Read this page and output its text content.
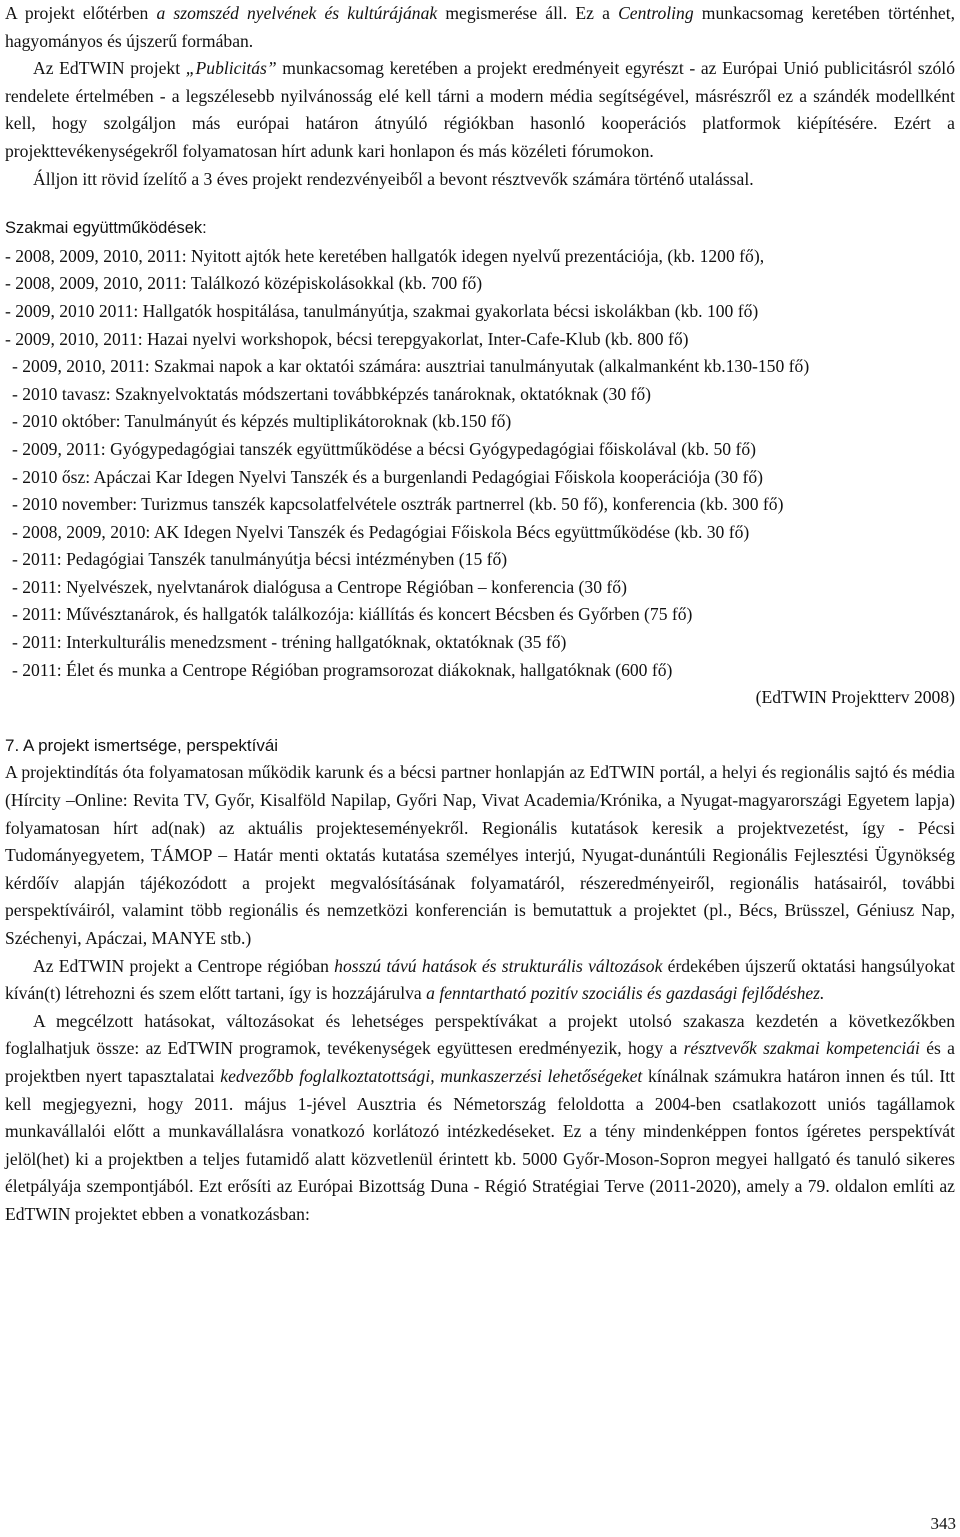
A projekt előtérben a szomszéd nyelvének és kultúrájának megismerése áll. Ez a Centroling munkacsomag keretében történhet, hagyományos és újszerű formában.

Az EdTWIN projekt „Publicitás” munkacsomag keretében a projekt eredményeit egyrészt - az Európai Unió publicitásról szóló rendelete értelmében - a legszélesebb nyilvánosság elé kell tárni a modern média segítségével, másrészről ez a szándék modellként kell, hogy szolgáljon más európai határon átnyúló régiókban hasonló kooperációs platformok kiépítésére. Ezért a projekttevékenységekről folyamatosan hírt adunk kari honlapon és más közéleti fórumokon.

Álljon itt rövid ízelítő a 3 éves projekt rendezvényeiből a bevont résztvevők számára történő utalással.

Szakmai együttműködések:

- 2008, 2009, 2010, 2011: Nyitott ajtók hete keretében hallgatók idegen nyelvű prezentációja, (kb. 1200 fő),

- 2008, 2009, 2010, 2011: Találkozó középiskolásokkal (kb. 700 fő)

- 2009, 2010 2011: Hallgatók hospitálása, tanulmányútja, szakmai gyakorlata bécsi iskolákban (kb. 100 fő)

- 2009, 2010, 2011: Hazai nyelvi workshopok, bécsi terepgyakorlat, Inter-Cafe-Klub (kb. 800 fő)

- 2009, 2010, 2011: Szakmai napok a kar oktatói számára: ausztriai tanulmányutak (alkalmanként kb.130-150 fő)

- 2010 tavasz: Szaknyelvoktatás módszertani továbbképzés tanároknak, oktatóknak (30 fő)

- 2010 október: Tanulmányút és képzés multiplikátoroknak (kb.150 fő)

- 2009, 2011: Gyógypedagógiai tanszék együttműködése a bécsi Gyógypedagógiai főiskolával (kb. 50 fő)

- 2010 ősz: Apáczai Kar Idegen Nyelvi Tanszék és a burgenlandi Pedagógiai Főiskola kooperációja (30 fő)

- 2010 november: Turizmus tanszék kapcsolatfelvétele osztrák partnerrel (kb. 50 fő), konferencia (kb. 300 fő)

- 2008, 2009, 2010: AK Idegen Nyelvi Tanszék és Pedagógiai Főiskola Bécs együttműködése (kb. 30 fő)

- 2011: Pedagógiai Tanszék tanulmányútja bécsi intézményben (15 fő)

- 2011: Nyelvészek, nyelvtanárok dialógusa a Centrope Régióban – konferencia (30 fő)

- 2011: Művésztanárok, és hallgatók találkozója: kiállítás és koncert Bécsben és Győrben (75 fő)

- 2011: Interkulturális menedzsment - tréning hallgatóknak, oktatóknak (35 fő)

- 2011: Élet és munka a Centrope Régióban programsorozat diákoknak, hallgatóknak (600 fő)

(EdTWIN Projektterv 2008)

7. A projekt ismertsége, perspektívái

A projektindítás óta folyamatosan működik karunk és a bécsi partner honlapján az EdTWIN portál, a helyi és regionális sajtó és média (Hírcity –Online: Revita TV, Győr, Kisalföld Napilap, Győri Nap, Vivat Academia/Krónika, a Nyugat-magyarországi Egyetem lapja) folyamatosan hírt ad(nak) az aktuális projekteseményekről. Regionális kutatások keresik a projektvezetést, így - Pécsi Tudományegyetem, TÁMOP – Határ menti oktatás kutatása személyes interjú, Nyugat-dunántúli Regionális Fejlesztési Ügynökség kérdőív alapján tájékozódott a projekt megvalósításának folyamatáról, részeredményeiről, regionális hatásairól, további perspektíváiról, valamint több regionális és nemzetközi konferencián is bemutattuk a projektet (pl., Bécs, Brüsszel, Géniusz Nap, Széchenyi, Apáczai, MANYE stb.)

Az EdTWIN projekt a Centrope régióban hosszú távú hatások és strukturális változások érdekében újszerű oktatási hangsúlyokat kíván(t) létrehozni és szem előtt tartani, így is hozzájárulva a fenntartható pozitív szociális és gazdasági fejlődéshez.

A megcélzott hatásokat, változásokat és lehetséges perspektívákat a projekt utolsó szakasza kezdetén a következőkben foglalhatjuk össze: az EdTWIN programok, tevékenységek együttesen eredményezik, hogy a résztvevők szakmai kompetenciái és a projektben nyert tapasztalatai kedvezőbb foglalkoztatottsági, munkaszerzési lehetőségeket kínálnak számukra határon innen és túl. Itt kell megjegyezni, hogy 2011. május 1-jével Ausztria és Németország feloldotta a 2004-ben csatlakozott uniós tagállamok munkavállalói előtt a munkavállalásra vonatkozó korlátozó intézkedéseket. Ez a tény mindenképpen fontos ígéretes perspektívát jelöl(het) ki a projektben a teljes futamidő alatt közvetlenül érintett kb. 5000 Győr-Moson-Sopron megyei hallgató és tanuló sikeres életpályája szempontjából. Ezt erősíti az Európai Bizottság Duna - Régió Stratégiai Terve (2011-2020), amely a 79. oldalon említi az EdTWIN projektet ebben a vonatkozásban:

343
